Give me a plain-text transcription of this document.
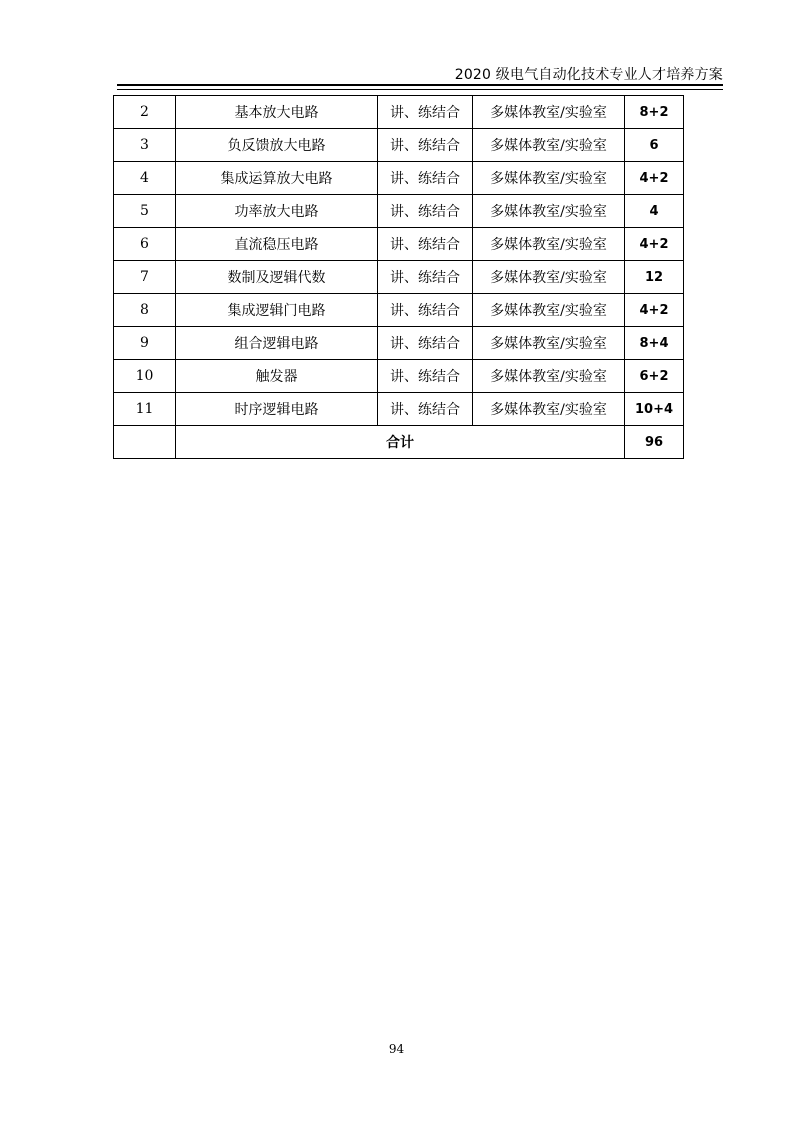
2020 级电气自动化技术专业人才培养方案
2	基本放大电路	讲、练结合	多媒体教室/实验室	8+2
3	负反馈放大电路	讲、练结合	多媒体教室/实验室	6
4	集成运算放大电路	讲、练结合	多媒体教室/实验室	4+2
5	功率放大电路	讲、练结合	多媒体教室/实验室	4
6	直流稳压电路	讲、练结合	多媒体教室/实验室	4+2
7	数制及逻辑代数	讲、练结合	多媒体教室/实验室	12
8	集成逻辑门电路	讲、练结合	多媒体教室/实验室	4+2
9	组合逻辑电路	讲、练结合	多媒体教室/实验室	8+4
10	触发器	讲、练结合	多媒体教室/实验室	6+2
11	时序逻辑电路	讲、练结合	多媒体教室/实验室	10+4
	合计			96
94
